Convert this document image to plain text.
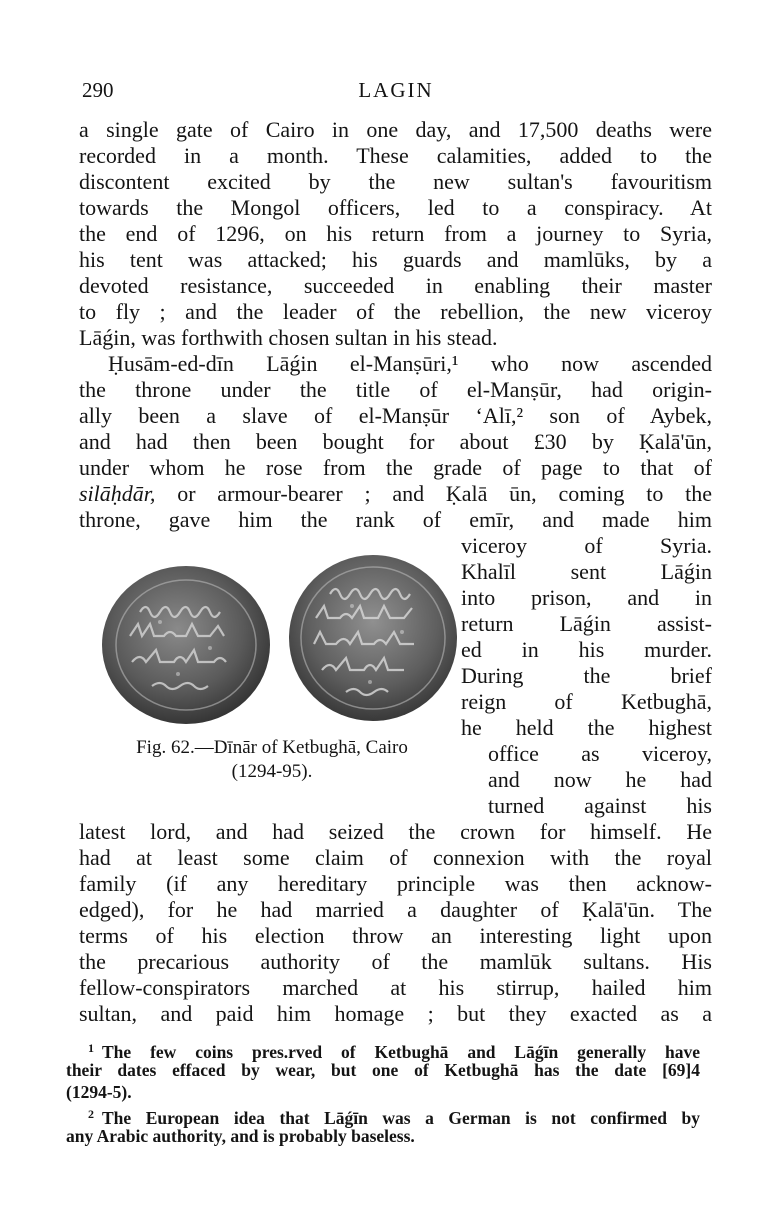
290	LAGIN
a single gate of Cairo in one day, and 17,500 deaths were
recorded in a month. These calamities, added to the
discontent excited by the new sultan's favouritism
towards the Mongol officers, led to a conspiracy. At
the end of 1296, on his return from a journey to Syria,
his tent was attacked; his guards and mamlūks, by a
devoted resistance, succeeded in enabling their master
to fly ; and the leader of the rebellion, the new viceroy
Lāǵin, was forthwith chosen sultan in his stead.
Ḥusām-ed-dīn Lāǵin el-Manṣūri,¹ who now ascended
the throne under the title of el-Manṣūr, had origin-
ally been a slave of el-Manṣūr ‘Alī,² son of Aybek,
and had then been bought for about £30 by Ḳalā'ūn,
under whom he rose from the grade of page to that of
silāḥdār, or armour-bearer ; and Ḳalā ūn, coming to the
throne, gave him the rank of emīr, and made him
viceroy of Syria.
Khalīl sent Lāǵin
into prison, and in
return Lāǵin assist-
ed in his murder.
During the brief
reign of Ketbughā,
he held the highest
office as viceroy,
and now he had
turned against his
Fig. 62.—Dīnār of Ketbughā, Cairo
(1294-95).
latest lord, and had seized the crown for himself. He
had at least some claim of connexion with the royal
family (if any hereditary principle was then acknow-
edged), for he had married a daughter of Ḳalā'ūn. The
terms of his election throw an interesting light upon
the precarious authority of the mamlūk sultans. His
fellow-conspirators marched at his stirrup, hailed him
sultan, and paid him homage ; but they exacted as a
$^1$ The few coins pres.rved of Ketbughā and Lāǵīn generally have
their dates effaced by wear, but one of Ketbughā has the date [69]4
(1294-5).
$^2$ The European idea that Lāǵīn was a German is not confirmed by
any Arabic authority, and is probably baseless.
